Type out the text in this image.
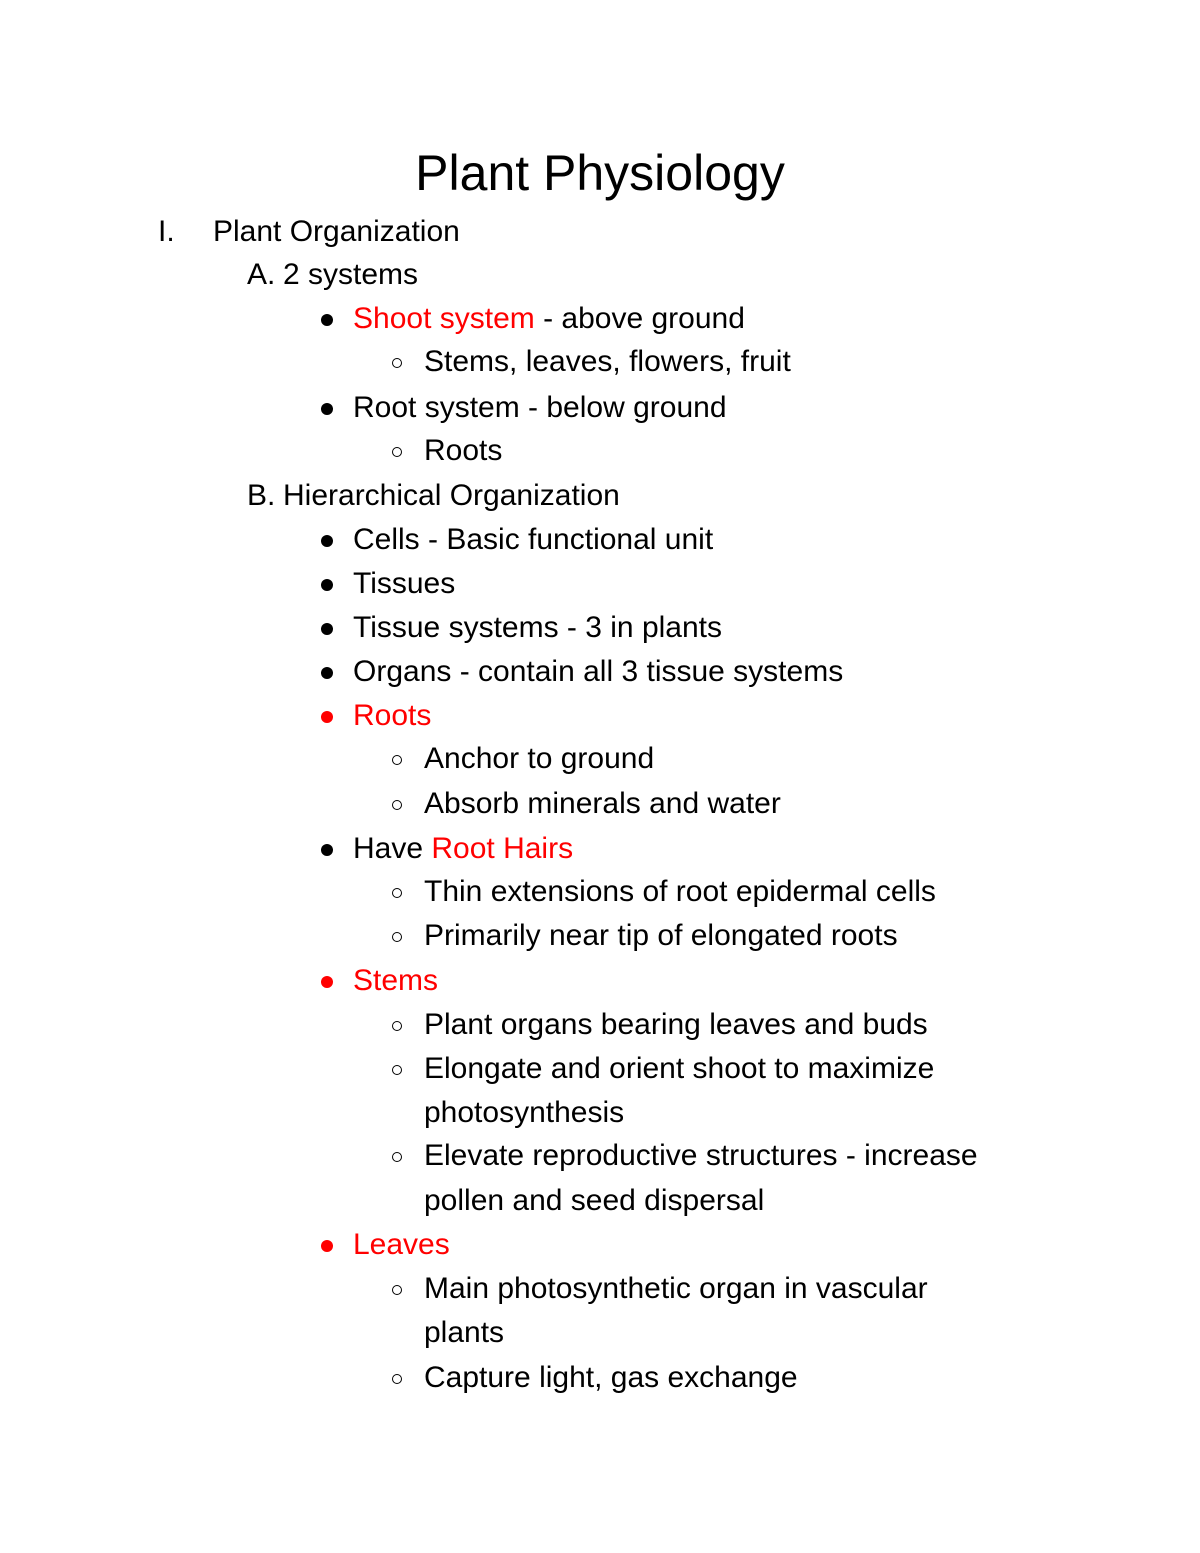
Plant Physiology
I. Plant Organization
A. 2 systems
Shoot system - above ground
Stems, leaves, flowers, fruit
Root system - below ground
Roots
B. Hierarchical Organization
Cells - Basic functional unit
Tissues
Tissue systems - 3 in plants
Organs - contain all 3 tissue systems
Roots
Anchor to ground
Absorb minerals and water
Have Root Hairs
Thin extensions of root epidermal cells
Primarily near tip of elongated roots
Stems
Plant organs bearing leaves and buds
Elongate and orient shoot to maximize
photosynthesis
Elevate reproductive structures - increase
pollen and seed dispersal
Leaves
Main photosynthetic organ in vascular
plants
Capture light, gas exchange
